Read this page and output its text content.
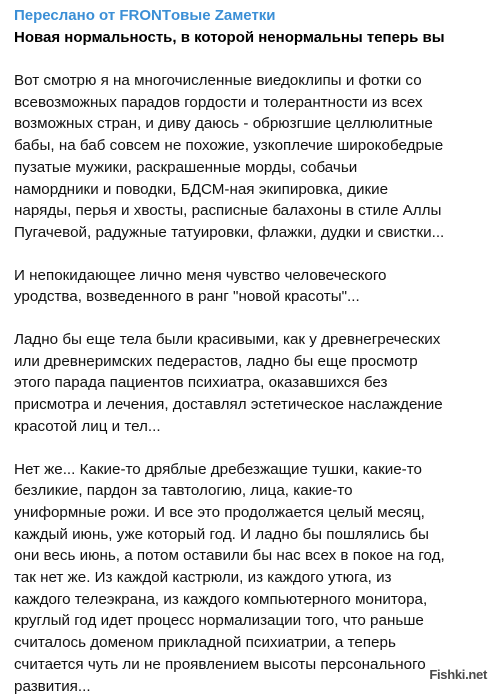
Переслано от FRONTовые Zаметки
Новая нормальность, в которой ненормальны теперь вы
Вот смотрю я на многочисленные виедоклипы и фотки со
всевозможных парадов гордости и толерантности из всех
возможных стран, и диву даюсь - обрюзгшие целлюлитные
бабы, на баб совсем не похожие, узкоплечие широкобедрые
пузатые мужики, раскрашенные морды, собачьи
намордники и поводки, БДСМ-ная экипировка, дикие
наряды, перья и хвосты, расписные балахоны в стиле Аллы
Пугачевой, радужные татуировки, флажки, дудки и свистки...
И непокидающее лично меня чувство человеческого
уродства, возведенного в ранг "новой красоты"...
Ладно бы еще тела были красивыми, как у древнегреческих
или древнеримских педерастов, ладно бы еще просмотр
этого парада пациентов психиатра, оказавшихся без
присмотра и лечения, доставлял эстетическое наслаждение
красотой лиц и тел...
Нет же... Какие-то дряблые дребезжащие тушки, какие-то
безликие, пардон за тавтологию, лица, какие-то
униформные рожи. И все это продолжается целый месяц,
каждый июнь, уже который год. И ладно бы пошлялись бы
они весь июнь, а потом оставили бы нас всех в покое на год,
так нет же. Из каждой кастрюли, из каждого утюга, из
каждого телеэкрана, из каждого компьютерного монитора,
круглый год идет процесс нормализации того, что раньше
считалось доменом прикладной психиатрии, а теперь
считается чуть ли не проявлением высоты персонального
развития...
Fishki.net
